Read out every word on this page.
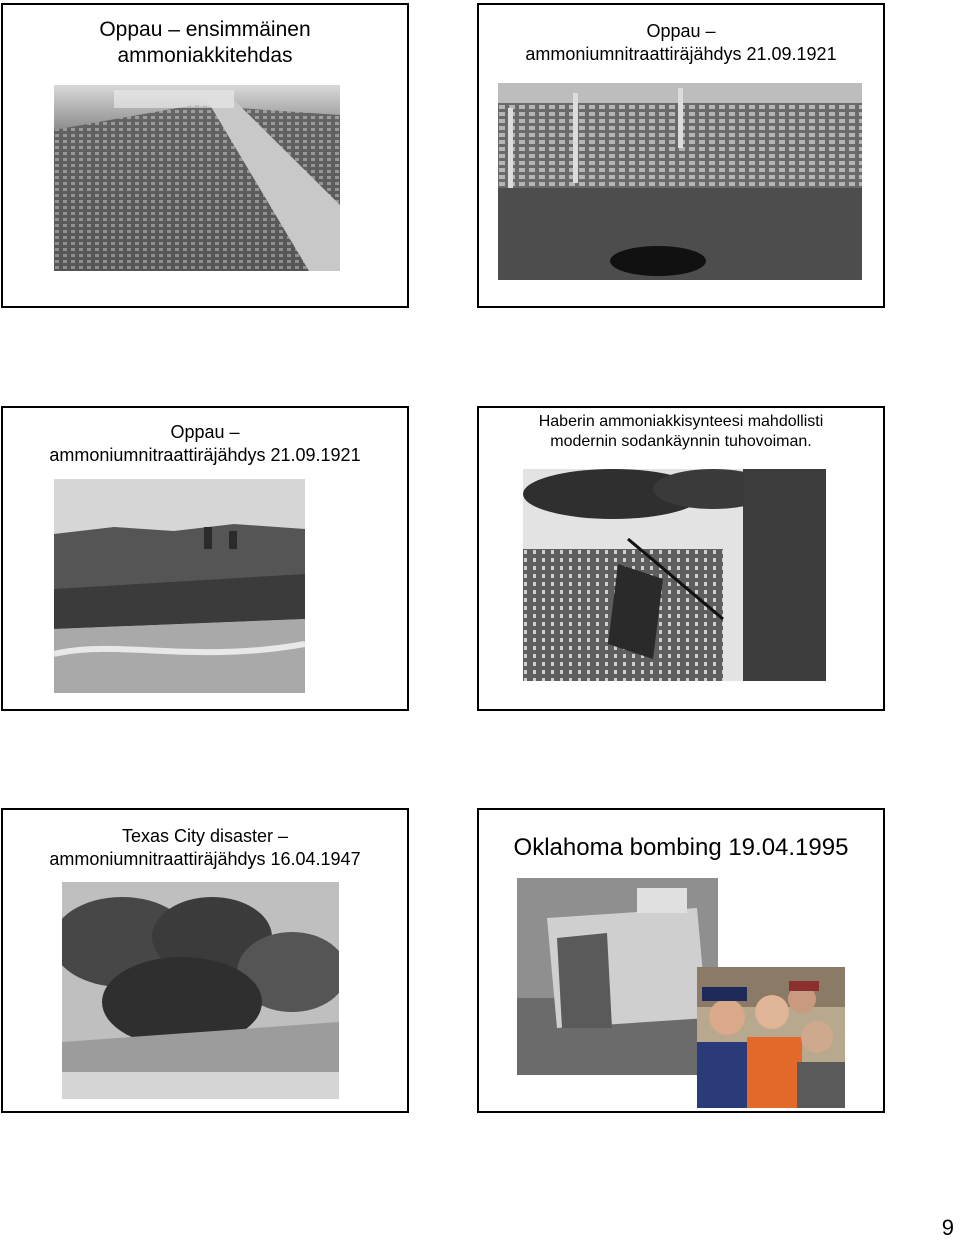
Oppau – ensimmäinen
ammoniakkitehdas
Oppau –
ammoniumnitraattiräjähdys 21.09.1921
Oppau –
ammoniumnitraattiräjähdys 21.09.1921
Haberin ammoniakkisynteesi mahdollisti
modernin sodankäynnin tuhovoiman.
Texas City disaster –
ammoniumnitraattiräjähdys 16.04.1947	Oklahoma bombing 19.04.1995
9
